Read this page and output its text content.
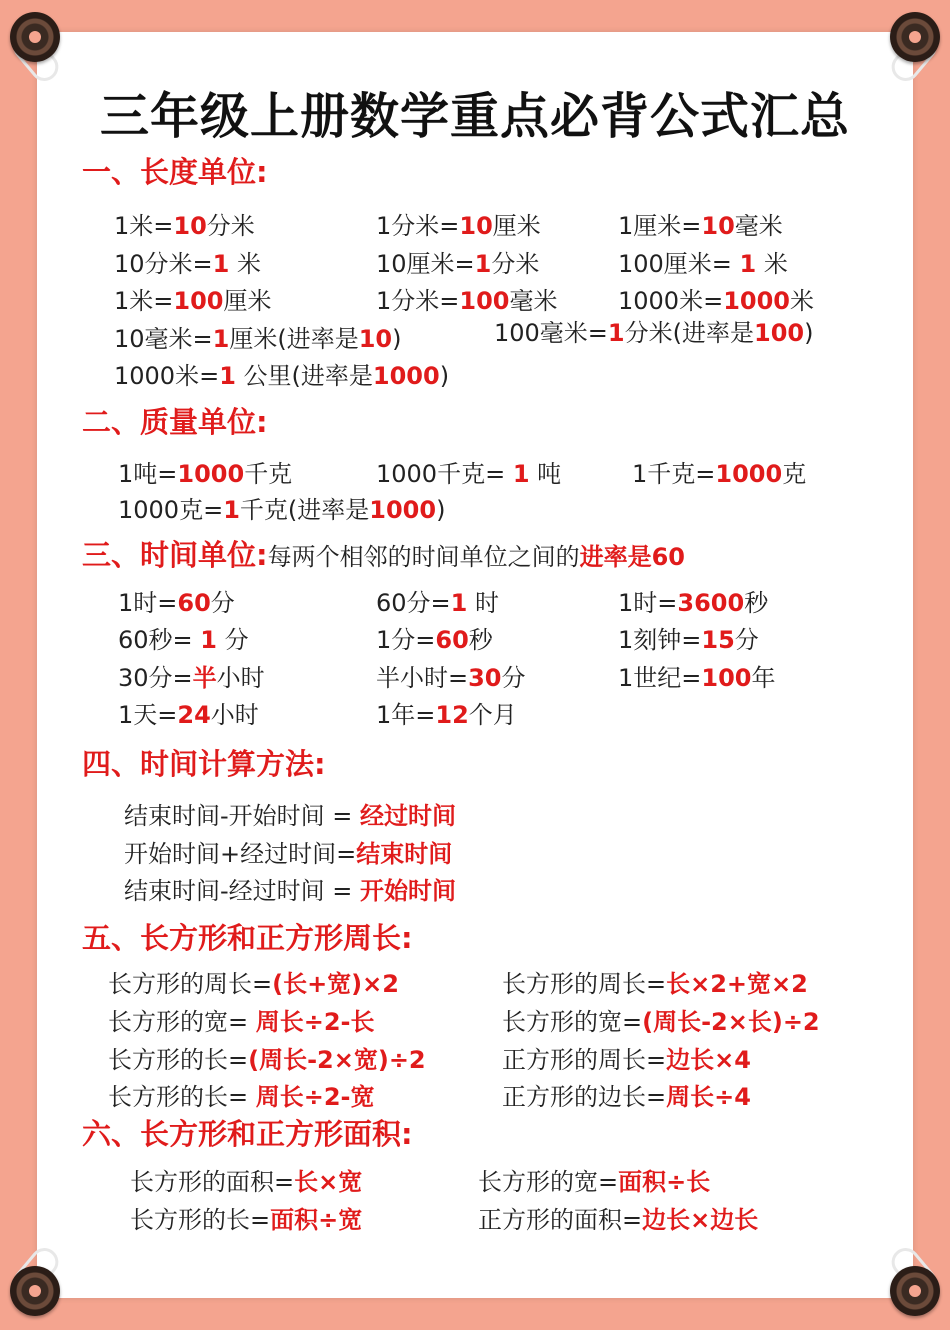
三年级上册数学重点必背公式汇总
一、长度单位:
1米=10分米	1分米=10厘米	1厘米=10毫米
10分米=1 米	10厘米=1分米	100厘米= 1 米
1米=100厘米	1分米=100毫米	1000米=1000米
10毫米=1厘米(进率是10)	100毫米=1分米(进率是100)
1000米=1 公里(进率是1000)
二、质量单位:
1吨=1000千克	1000千克= 1 吨	1千克=1000克
1000克=1千克(进率是1000)
三、时间单位:每两个相邻的时间单位之间的进率是60
1时=60分	60分=1 时	1时=3600秒
60秒= 1 分	1分=60秒	1刻钟=15分
30分=半小时	半小时=30分	1世纪=100年
1天=24小时	1年=12个月
四、时间计算方法:
结束时间-开始时间 = 经过时间
开始时间+经过时间=结束时间
结束时间-经过时间 = 开始时间
五、长方形和正方形周长:
长方形的周长=(长+宽)×2	长方形的周长=长×2+宽×2
长方形的宽= 周长÷2-长	长方形的宽=(周长-2×长)÷2
长方形的长=(周长-2×宽)÷2	正方形的周长=边长×4
长方形的长= 周长÷2-宽	正方形的边长=周长÷4
六、长方形和正方形面积:
长方形的面积=长×宽	长方形的宽=面积÷长
长方形的长=面积÷宽	正方形的面积=边长×边长
